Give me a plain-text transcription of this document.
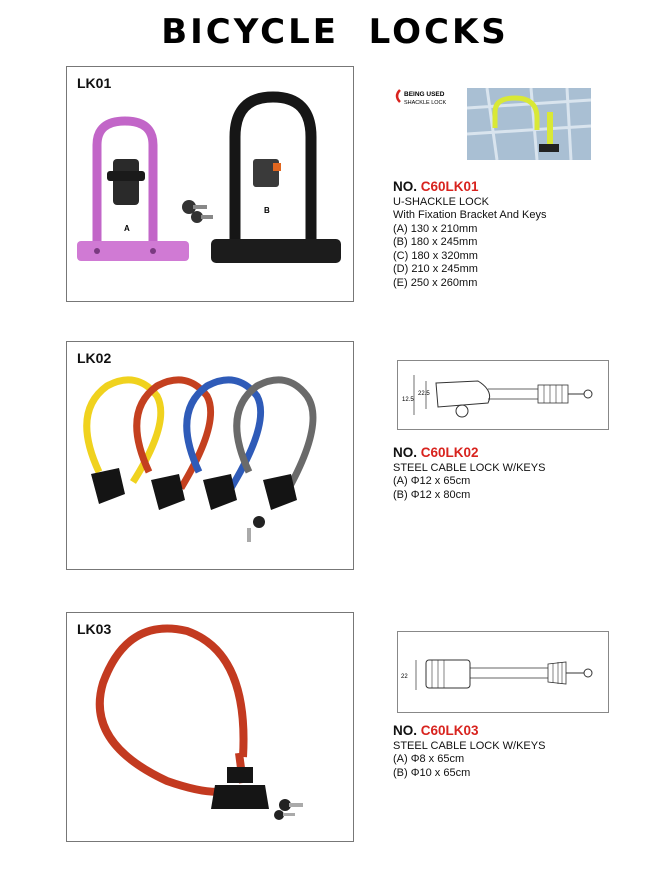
BICYCLE  LOCKS
LK01
A
B
BEING USED
SHACKLE LOCK
NO. C60LK01
U-SHACKLE LOCK
With Fixation Bracket And Keys
(A) 130 x 210mm
(B) 180 x 245mm
(C) 180 x 320mm
(D) 210 x 245mm
(E) 250 x 260mm
LK02
12.5
22.5
NO. C60LK02
STEEL CABLE LOCK W/KEYS
(A) Φ12 x 65cm
(B) Φ12 x 80cm
LK03
22
NO. C60LK03
STEEL CABLE LOCK W/KEYS
(A) Φ8 x 65cm
(B) Φ10 x 65cm
